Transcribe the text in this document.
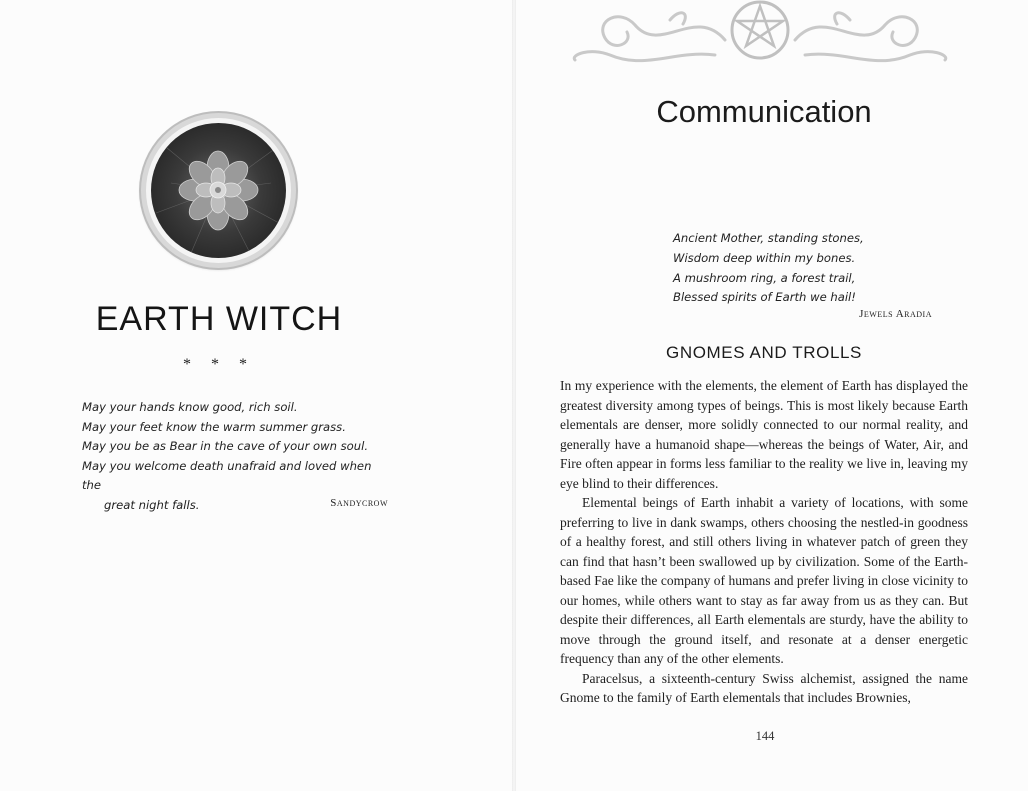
EARTH WITCH
* * *
May your hands know good, rich soil.
May your feet know the warm summer grass.
May you be as Bear in the cave of your own soul.
May you welcome death unafraid and loved when the
great night falls.	Sandycrow
Communication
Ancient Mother, standing stones,
Wisdom deep within my bones.
A mushroom ring, a forest trail,
Blessed spirits of Earth we hail!
Jewels Aradia
GNOMES AND TROLLS

In my experience with the elements, the element of Earth has displayed the greatest diversity among types of beings. This is most likely because Earth elementals are denser, more solidly connected to our normal reality, and generally have a humanoid shape—whereas the beings of Water, Air, and Fire often appear in forms less familiar to the reality we live in, leaving my eye blind to their differences.

Elemental beings of Earth inhabit a variety of locations, with some preferring to live in dank swamps, others choosing the nestled-in goodness of a healthy forest, and still others living in whatever patch of green they can find that hasn’t been swallowed up by civilization. Some of the Earth-based Fae like the company of humans and prefer living in close vicinity to our homes, while others want to stay as far away from us as they can. But despite their differences, all Earth elementals are sturdy, have the ability to move through the ground itself, and resonate at a denser energetic frequency than any of the other elements.

Paracelsus, a sixteenth-century Swiss alchemist, assigned the name Gnome to the family of Earth elementals that includes Brownies,

144
